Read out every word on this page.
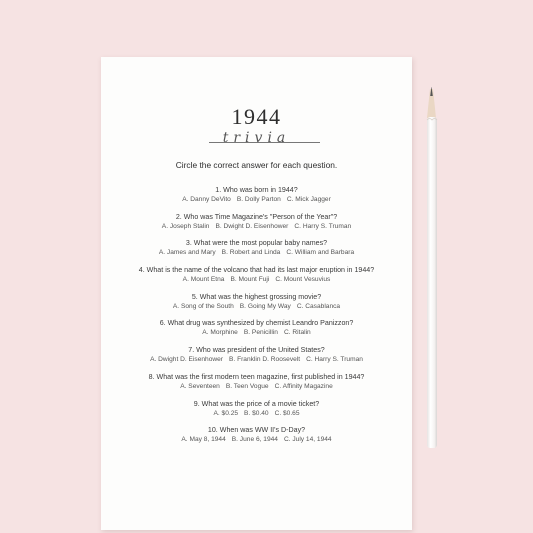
1944
trivia
Circle the correct answer for each question.
1. Who was born in 1944?
A. Danny DeVito B. Dolly Parton C. Mick Jagger
2. Who was Time Magazine's "Person of the Year"?
A. Joseph Stalin B. Dwight D. Eisenhower C. Harry S. Truman
3. What were the most popular baby names?
A. James and Mary B. Robert and Linda C. William and Barbara
4. What is the name of the volcano that had its last major eruption in 1944?
A. Mount Etna B. Mount Fuji C. Mount Vesuvius
5. What was the highest grossing movie?
A. Song of the South B. Going My Way C. Casablanca
6. What drug was synthesized by chemist Leandro Panizzon?
A. Morphine B. Penicillin C. Ritalin
7. Who was president of the United States?
A. Dwight D. Eisenhower B. Franklin D. Roosevelt C. Harry S. Truman
8. What was the first modern teen magazine, first published in 1944?
A. Seventeen B. Teen Vogue C. Affinity Magazine
9. What was the price of a movie ticket?
A. $0.25 B. $0.40 C. $0.65
10. When was WW II's D-Day?
A. May 8, 1944 B. June 6, 1944 C. July 14, 1944
